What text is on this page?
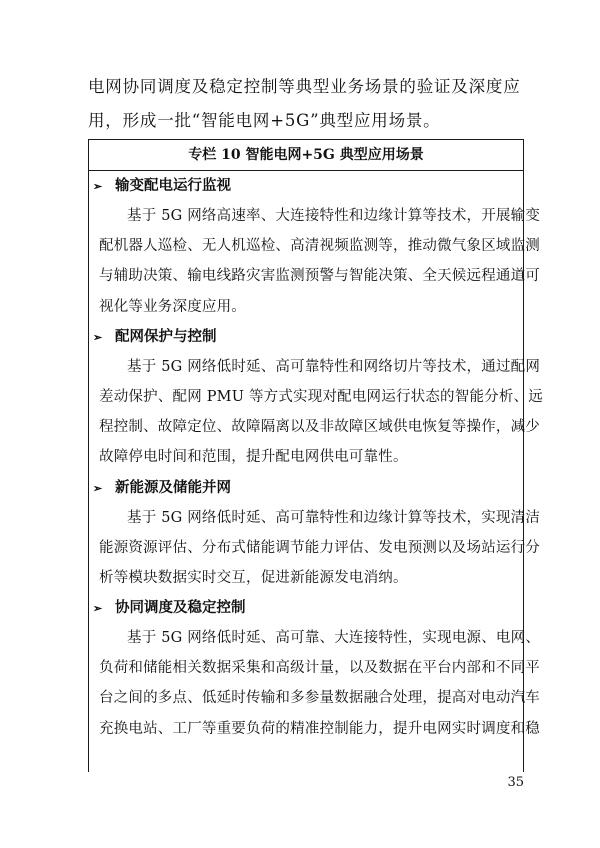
电网协同调度及稳定控制等典型业务场景的验证及深度应
用，形成一批“智能电网+5G”典型应用场景。
专栏 10 智能电网+5G 典型应用场景
➢ 输变配电运行监视
基于 5G 网络高速率、大连接特性和边缘计算等技术，开展输变
配机器人巡检、无人机巡检、高清视频监测等，推动微气象区域监测
与辅助决策、输电线路灾害监测预警与智能决策、全天候远程通道可
视化等业务深度应用。
➢ 配网保护与控制
基于 5G 网络低时延、高可靠特性和网络切片等技术，通过配网
差动保护、配网 PMU 等方式实现对配电网运行状态的智能分析、远
程控制、故障定位、故障隔离以及非故障区域供电恢复等操作，减少
故障停电时间和范围，提升配电网供电可靠性。
➢ 新能源及储能并网
基于 5G 网络低时延、高可靠特性和边缘计算等技术，实现清洁
能源资源评估、分布式储能调节能力评估、发电预测以及场站运行分
析等模块数据实时交互，促进新能源发电消纳。
➢ 协同调度及稳定控制
基于 5G 网络低时延、高可靠、大连接特性，实现电源、电网、
负荷和储能相关数据采集和高级计量，以及数据在平台内部和不同平
台之间的多点、低延时传输和多参量数据融合处理，提高对电动汽车
充换电站、工厂等重要负荷的精准控制能力，提升电网实时调度和稳
35
